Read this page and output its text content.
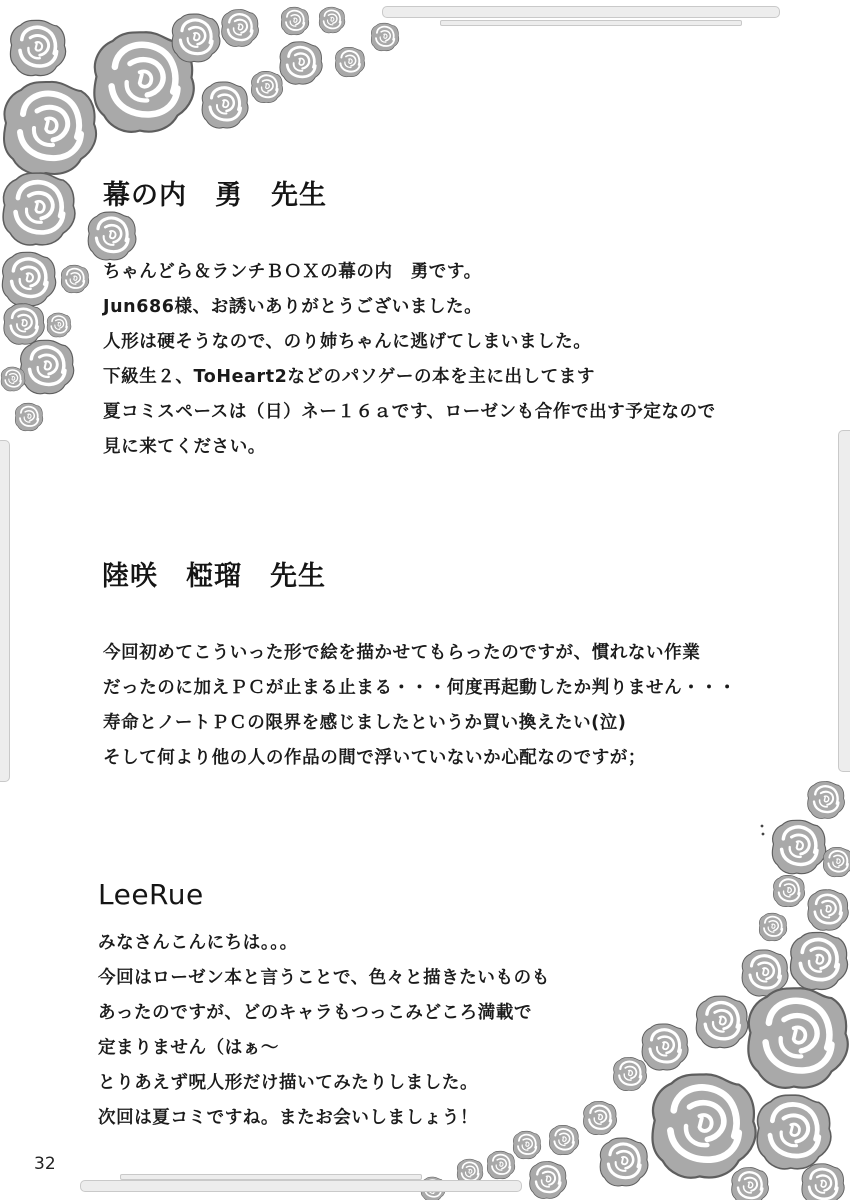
幕の内　勇　先生
ちゃんどら＆ランチＢＯＸの幕の内　勇です。
Jun686様、お誘いありがとうございました。
人形は硬そうなので、のり姉ちゃんに逃げてしまいました。
下級生２、ToHeart2などのパソゲーの本を主に出してます
夏コミスペースは（日）ネー１６ａです、ローゼンも合作で出す予定なので
見に来てください。
陸咲　椏瑠　先生
今回初めてこういった形で絵を描かせてもらったのですが、慣れない作業
だったのに加えＰＣが止まる止まる・・・何度再起動したか判りません・・・
寿命とノートＰＣの限界を感じましたというか買い換えたい(泣)
そして何より他の人の作品の間で浮いていないか心配なのですが；
LeeRue
みなさんこんにちは。。。
今回はローゼン本と言うことで、色々と描きたいものも
あったのですが、どのキャラもつっこみどころ満載で
定まりません（はぁ～
とりあえず呪人形だけ描いてみたりしました。
次回は夏コミですね。またお会いしましょう！
32
